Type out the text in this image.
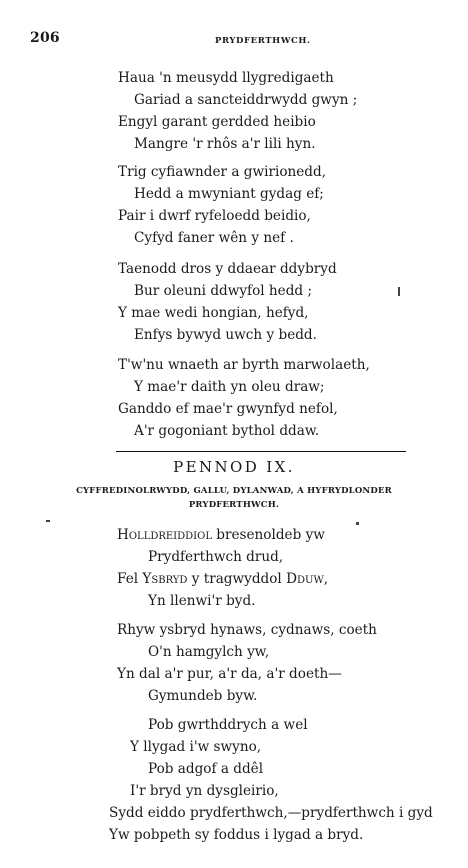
206	PRYDFERTHWCH.
Haua 'n meusydd llygredigaeth
Gariad a sancteiddrwydd gwyn ;
Engyl garant gerdded heibio
Mangre 'r rhôs a'r lili hyn.
Trig cyfiawnder a gwirionedd,
Hedd a mwyniant gydag ef;
Pair i dwrf ryfeloedd beidio,
Cyfyd faner wên y nef .
Taenodd dros y ddaear ddybryd
Bur oleuni ddwyfol hedd ;
Y mae wedi hongian, hefyd,
Enfys bywyd uwch y bedd.
T'w'nu wnaeth ar byrth marwolaeth,
Y mae'r daith yn oleu draw;
Ganddo ef mae'r gwynfyd nefol,
A'r gogoniant bythol ddaw.
PENNOD IX.
CYFFREDINOLRWYDD, GALLU, DYLANWAD, A HYFRYDLONDER
PRYDFERTHWCH.
Holldreiddiol bresenoldeb yw
Prydferthwch drud,
Fel Ysbryd y tragwyddol Dduw,
Yn llenwi'r byd.
Rhyw ysbryd hynaws, cydnaws, coeth
O'n hamgylch yw,
Yn dal a'r pur, a'r da, a'r doeth—
Gymundeb byw.
Pob gwrthddrych a wel
Y llygad i'w swyno,
Pob adgof a ddêl
I'r bryd yn dysgleirio,
Sydd eiddo prydferthwch,—prydferthwch i gyd
Yw pobpeth sy foddus i lygad a bryd.
